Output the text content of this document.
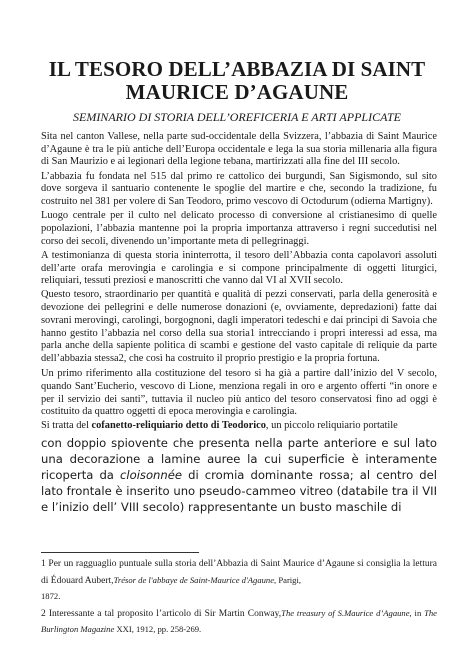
IL TESORO DELL’ABBAZIA DI SAINT MAURICE D’AGAUNE
SEMINARIO DI STORIA DELL’OREFICERIA E ARTI APPLICATE

Sita nel canton Vallese, nella parte sud-occidentale della Svizzera, l’abbazia di Saint Maurice d’Agaune è tra le più antiche dell’Europa occidentale e lega la sua storia millenaria alla figura di San Maurizio e ai legionari della legione tebana, martirizzati alla fine del III secolo.

L’abbazia fu fondata nel 515 dal primo re cattolico dei burgundi, San Sigismondo, sul sito dove sorgeva il santuario contenente le spoglie del martire e che, secondo la tradizione, fu costruito nel 381 per volere di San Teodoro, primo vescovo di Octodurum (odierna Martigny).

Luogo centrale per il culto nel delicato processo di conversione al cristianesimo di quelle popolazioni, l’abbazia mantenne poi la propria importanza attraverso i regni succedutisi nel corso dei secoli, divenendo un’importante meta di pellegrinaggi.

A testimonianza di questa storia ininterrotta, il tesoro dell’Abbazia conta capolavori assoluti dell’arte orafa merovingia e carolingia e si compone principalmente di oggetti liturgici, reliquiari, tessuti preziosi e manoscritti che vanno dal VI al XVII secolo.

Questo tesoro, straordinario per quantità e qualità di pezzi conservati, parla della generosità e devozione dei pellegrini e delle numerose donazioni (e, ovviamente, depredazioni) fatte dai sovrani merovingi, carolingi, borgognoni, dagli imperatori tedeschi e dai principi di Savoia che hanno gestito l’abbazia nel corso della sua storia1 intrecciando i propri interessi ad essa, ma parla anche della sapiente politica di scambi e gestione del vasto capitale di reliquie da parte dell’abbazia stessa2, che così ha costruito il proprio prestigio e la propria fortuna.

Un primo riferimento alla costituzione del tesoro si ha già a partire dall’inizio del V secolo, quando Sant’Eucherio, vescovo di Lione, menziona regali in oro e argento offerti “in onore e per il servizio dei santi”, tuttavia il nucleo più antico del tesoro conservatosi fino ad oggi è costituito da quattro oggetti di epoca merovingia e carolingia.

Si tratta del cofanetto-reliquiario detto di Teodorico, un piccolo reliquiario portatile

con doppio spiovente che presenta nella parte anteriore e sul lato una decorazione a lamine auree la cui superficie è interamente ricoperta da cloisonnée di cromia dominante rossa; al centro del lato frontale è inserito uno pseudo-cammeo vitreo (databile tra il VII e l’inizio dell’ VIII secolo) rappresentante un busto maschile di

1 Per un ragguaglio puntuale sulla storia dell’Abbazia di Saint Maurice d’Agaune si consiglia la lettura di Édouard Aubert,Trésor de l'abbaye de Saint-Maurice d'Agaune, Parigi,
1872.

2 Interessante a tal proposito l’articolo di Sir Martin Conway,The treasury of S.Maurice d’Agaune, in The Burlington Magazine XXI, 1912, pp. 258-269.
